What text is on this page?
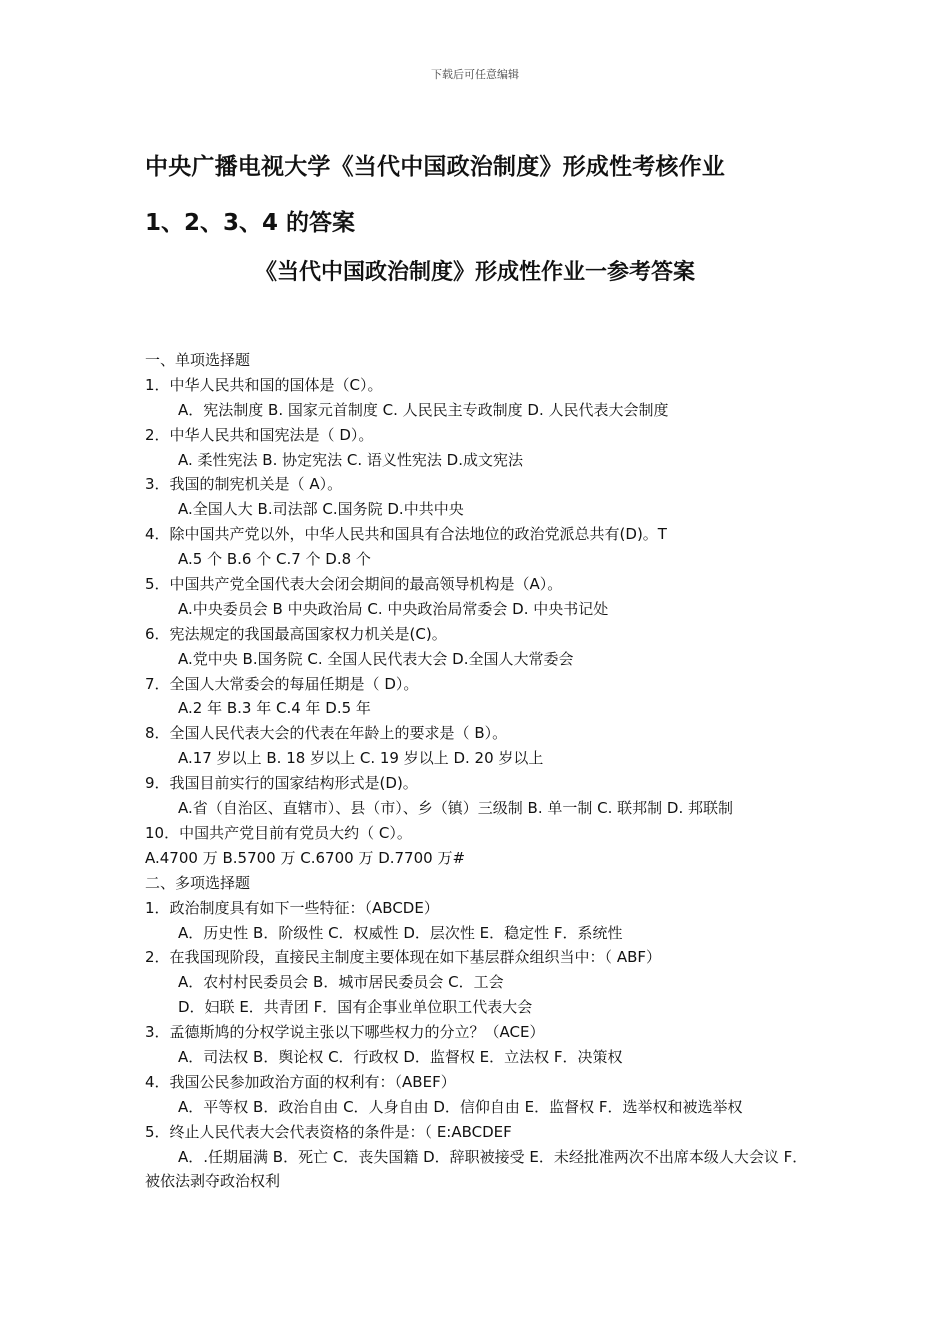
下载后可任意编辑
中央广播电视大学《当代中国政治制度》形成性考核作业
1、2、3、4 的答案
《当代中国政治制度》形成性作业一参考答案
一、单项选择题
1．中华人民共和国的国体是（C）。
A．宪法制度 B. 国家元首制度 C. 人民民主专政制度 D. 人民代表大会制度
2．中华人民共和国宪法是（ D）。
A. 柔性宪法 B. 协定宪法 C. 语义性宪法 D.成文宪法
3．我国的制宪机关是（ A）。
A.全国人大 B.司法部 C.国务院 D.中共中央
4．除中国共产党以外，中华人民共和国具有合法地位的政治党派总共有(D)。T
A.5 个 B.6 个 C.7 个 D.8 个
5．中国共产党全国代表大会闭会期间的最高领导机构是（A）。
A.中央委员会 B 中央政治局 C. 中央政治局常委会 D. 中央书记处
6．宪法规定的我国最高国家权力机关是(C)。
A.党中央 B.国务院 C. 全国人民代表大会 D.全国人大常委会
7．全国人大常委会的每届任期是（ D）。
A.2 年 B.3 年 C.4 年 D.5 年
8．全国人民代表大会的代表在年龄上的要求是（ B）。
A.17 岁以上 B. 18 岁以上 C. 19 岁以上 D. 20 岁以上
9．我国目前实行的国家结构形式是(D)。
A.省（自治区、直辖市）、县（市）、乡（镇）三级制 B. 单一制 C. 联邦制 D. 邦联制
10．中国共产党目前有党员大约（ C）。
A.4700 万 B.5700 万 C.6700 万 D.7700 万#
二、多项选择题
1．政治制度具有如下一些特征：（ABCDE）
A．历史性 B．阶级性 C．权威性 D．层次性 E．稳定性 F．系统性
2．在我国现阶段，直接民主制度主要体现在如下基层群众组织当中：（ ABF）
A．农村村民委员会 B．城市居民委员会 C．工会
D．妇联 E．共青团 F．国有企事业单位职工代表大会
3．孟德斯鸠的分权学说主张以下哪些权力的分立？（ACE）
A．司法权 B．舆论权 C．行政权 D．监督权 E．立法权 F．决策权
4．我国公民参加政治方面的权利有：（ABEF）
A．平等权 B．政治自由 C．人身自由 D．信仰自由 E．监督权 F．选举权和被选举权
5．终止人民代表大会代表资格的条件是：（ E:ABCDEF
A．.任期届满 B．死亡 C．丧失国籍 D．辞职被接受 E．未经批准两次不出席本级人大会议 F．被依法剥夺政治权利
